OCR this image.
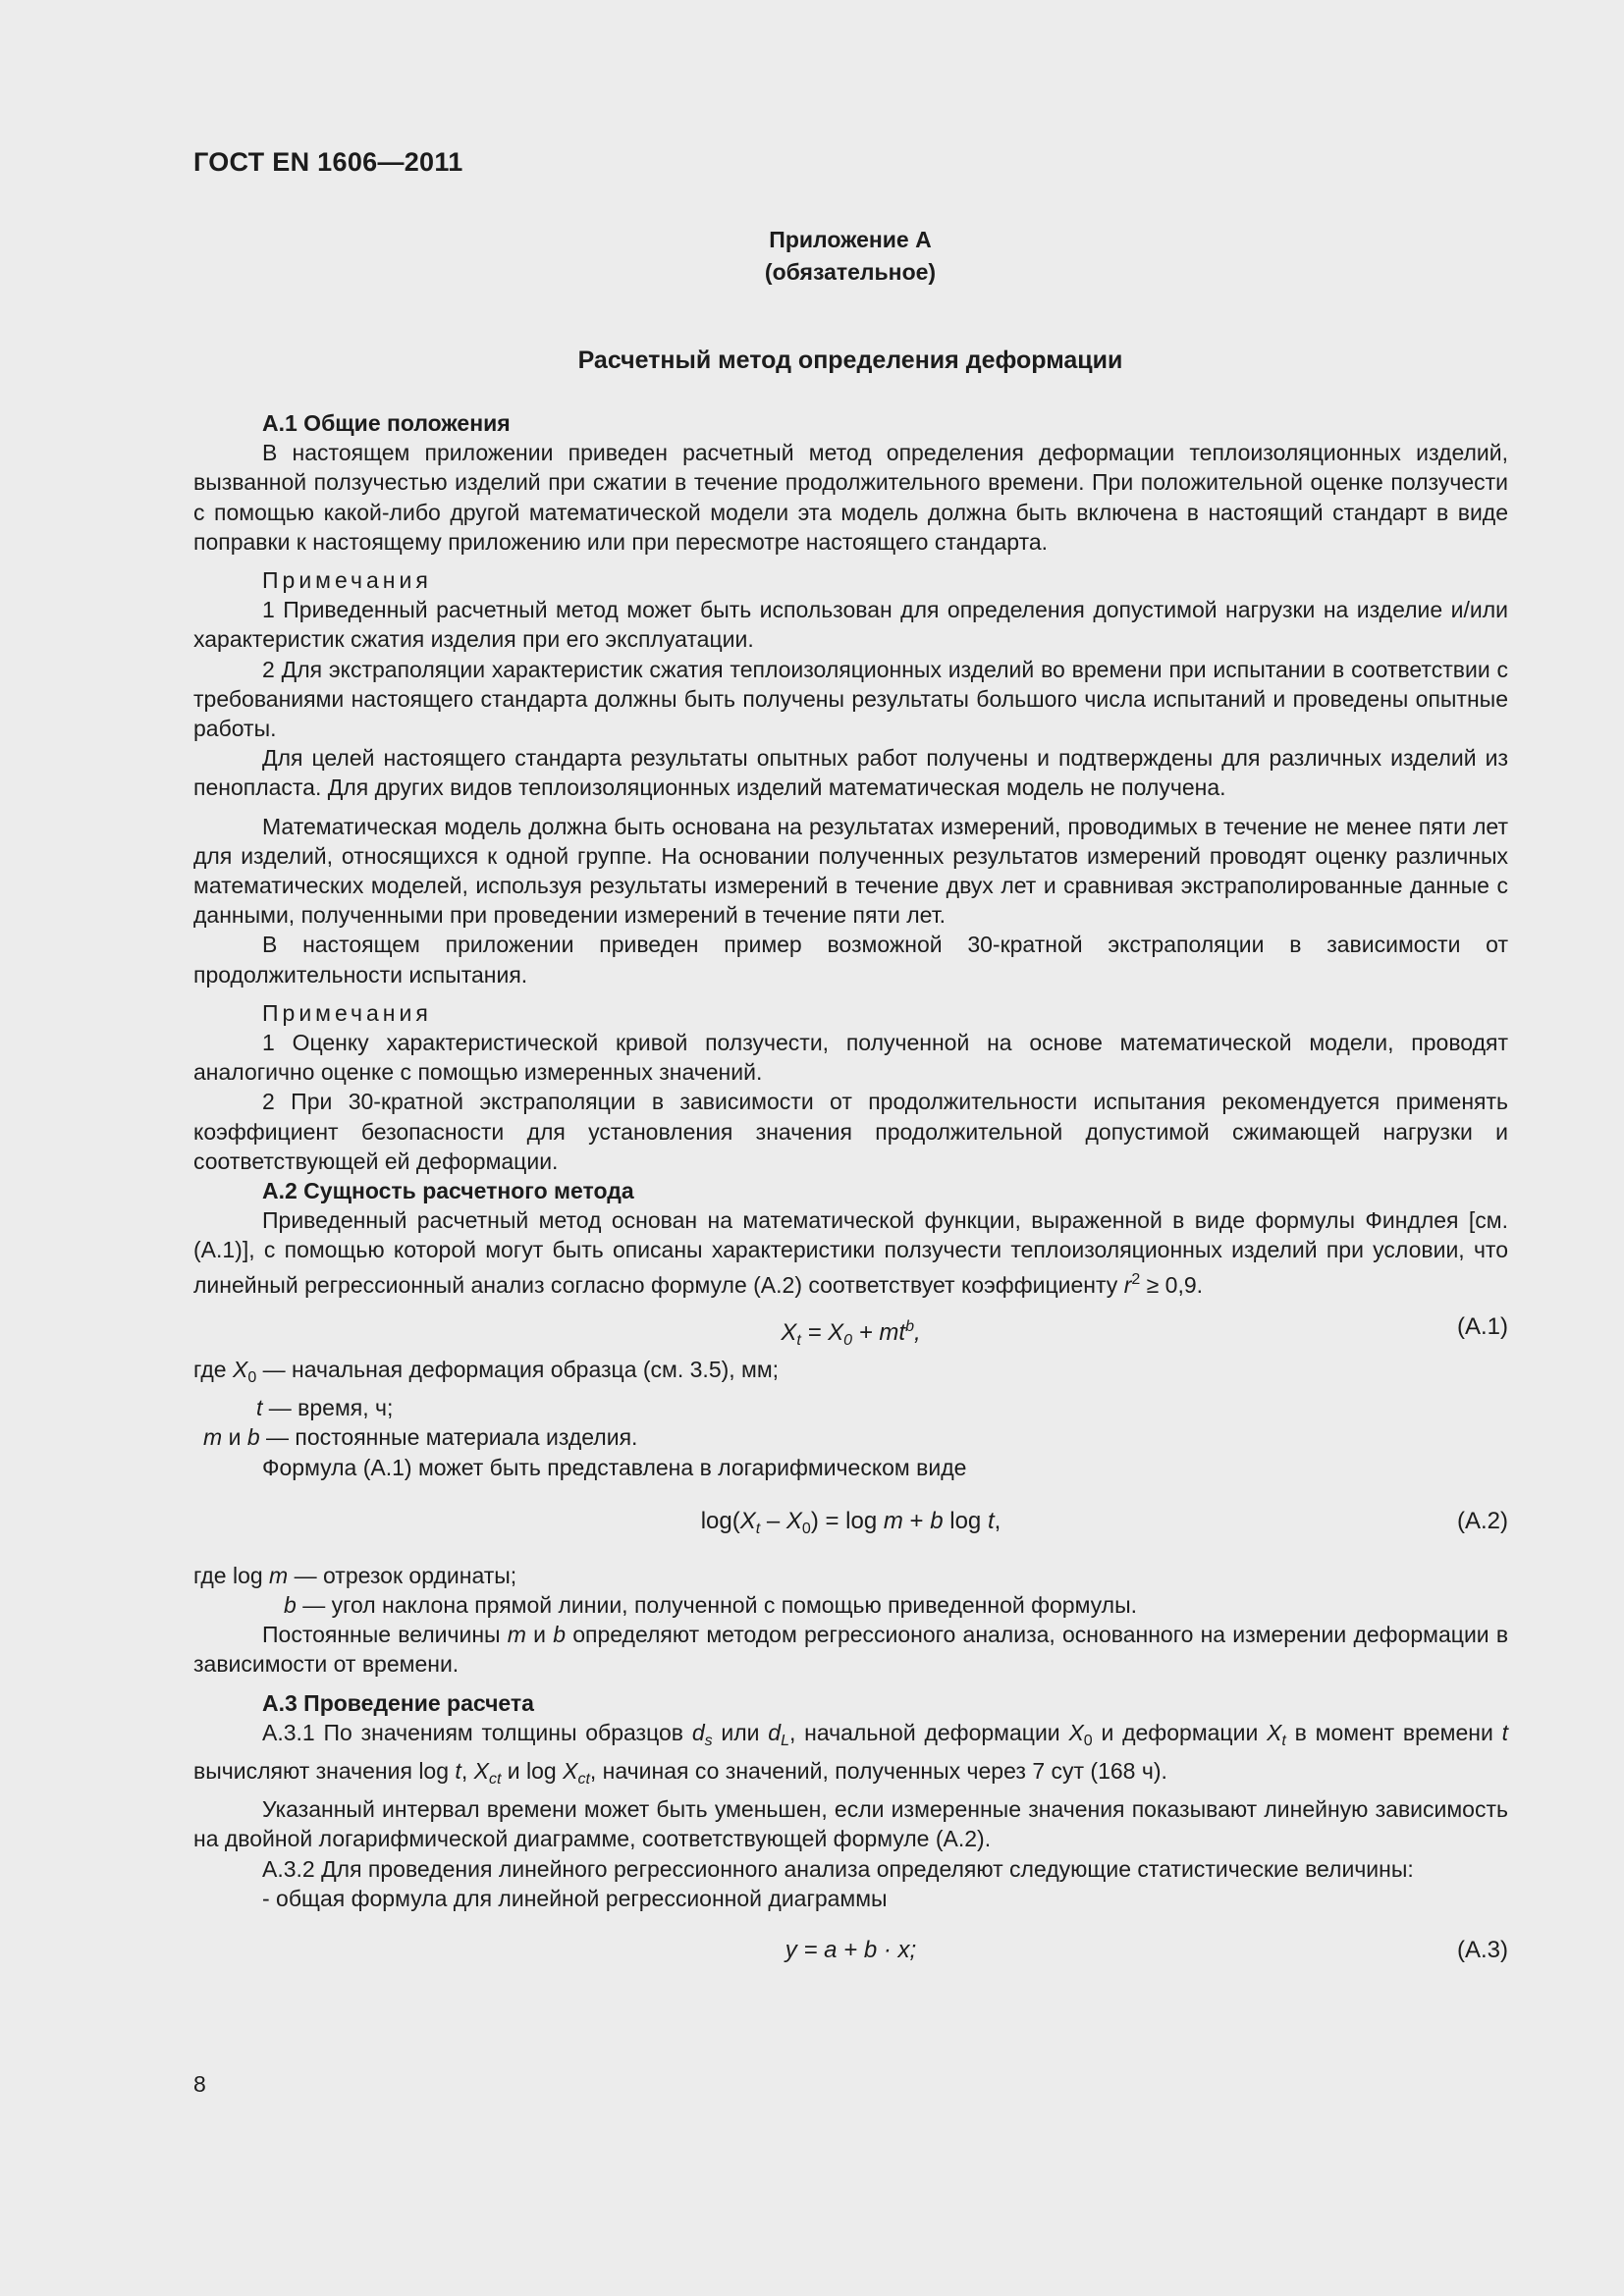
ГОСТ EN 1606—2011
Приложение А
(обязательное)
Расчетный метод определения деформации

А.1 Общие положения

В настоящем приложении приведен расчетный метод определения деформации теплоизоляционных изделий, вызванной ползучестью изделий при сжатии в течение продолжительного времени. При положительной оценке ползучести с помощью какой-либо другой математической модели эта модель должна быть включена в настоящий стандарт в виде поправки к настоящему приложению или при пересмотре настоящего стандарта.

Примечания

1 Приведенный расчетный метод может быть использован для определения допустимой нагрузки на изделие и/или характеристик сжатия изделия при его эксплуатации.

2 Для экстраполяции характеристик сжатия теплоизоляционных изделий во времени при испытании в соответствии с требованиями настоящего стандарта должны быть получены результаты большого числа испытаний и проведены опытные работы.

Для целей настоящего стандарта результаты опытных работ получены и подтверждены для различных изделий из пенопласта. Для других видов теплоизоляционных изделий математическая модель не получена.

Математическая модель должна быть основана на результатах измерений, проводимых в течение не менее пяти лет для изделий, относящихся к одной группе. На основании полученных результатов измерений проводят оценку различных математических моделей, используя результаты измерений в течение двух лет и сравнивая экстраполированные данные с данными, полученными при проведении измерений в течение пяти лет.

В настоящем приложении приведен пример возможной 30-кратной экстраполяции в зависимости от продолжительности испытания.

Примечания

1 Оценку характеристической кривой ползучести, полученной на основе математической модели, проводят аналогично оценке с помощью измеренных значений.

2 При 30-кратной экстраполяции в зависимости от продолжительности испытания рекомендуется применять коэффициент безопасности для установления значения продолжительной допустимой сжимающей нагрузки и соответствующей ей деформации.

А.2 Сущность расчетного метода

Приведенный расчетный метод основан на математической функции, выраженной в виде формулы Финдлея [см. (А.1)], с помощью которой могут быть описаны характеристики ползучести теплоизоляционных изделий при условии, что линейный регрессионный анализ согласно формуле (А.2) соответствует коэффициенту $r^2 \ge 0,9$.

$X_t = X_0 + mt^b$,	(А.1)

где $X_0$ — начальная деформация образца (см. 3.5), мм;

t — время, ч;

m и b — постоянные материала изделия.

Формула (А.1) может быть представлена в логарифмическом виде

$\log(X_t - X_0) = \log m + b$ log t,	(А.2)

где log m — отрезок ординаты;

b — угол наклона прямой линии, полученной с помощью приведенной формулы.

Постоянные величины m и b определяют методом регрессионого анализа, основанного на измерении деформации в зависимости от времени.

А.3 Проведение расчета

А.3.1 По значениям толщины образцов $d_s$ или $d_L$, начальной деформации $X_0$ и деформации $X_t$ в момент времени t вычисляют значения log t, $X_{ct}$ и $\log X_{ct}$, начиная со значений, полученных через 7 сут (168 ч).

Указанный интервал времени может быть уменьшен, если измеренные значения показывают линейную зависимость на двойной логарифмической диаграмме, соответствующей формуле (А.2).

А.3.2 Для проведения линейного регрессионного анализа определяют следующие статистические величины:

- общая формула для линейной регрессионной диаграммы

y = a + b · x;	(А.3)
8
